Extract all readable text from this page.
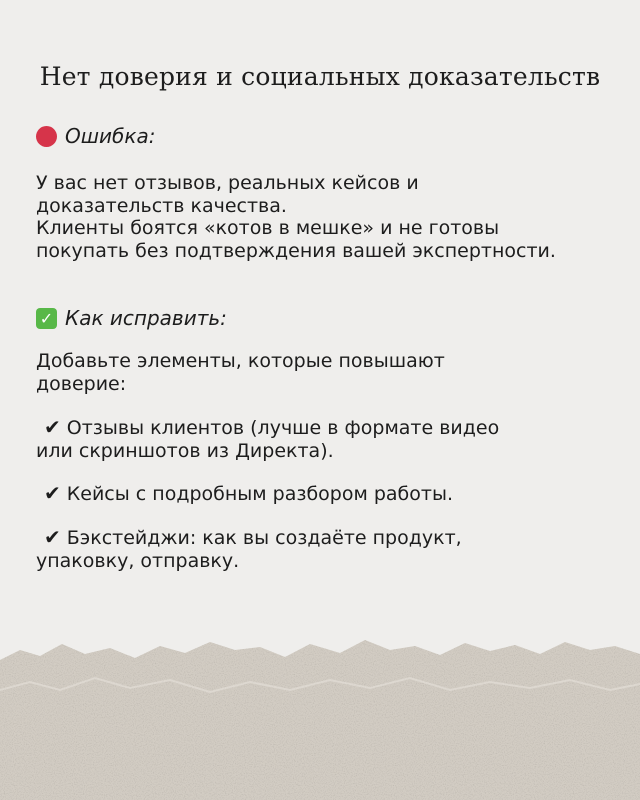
Нет доверия и социальных доказательств
Ошибка:
У вас нет отзывов, реальных кейсов и
доказательств качества.
Клиенты боятся «котов в мешке» и не готовы
покупать без подтверждения вашей экспертности.
✓ Как исправить:
Добавьте элементы, которые повышают
доверие:
✔ Отзывы клиентов (лучше в формате видео
или скриншотов из Директа).
✔ Кейсы с подробным разбором работы.
✔ Бэкстейджи: как вы создаёте продукт,
упаковку, отправку.
